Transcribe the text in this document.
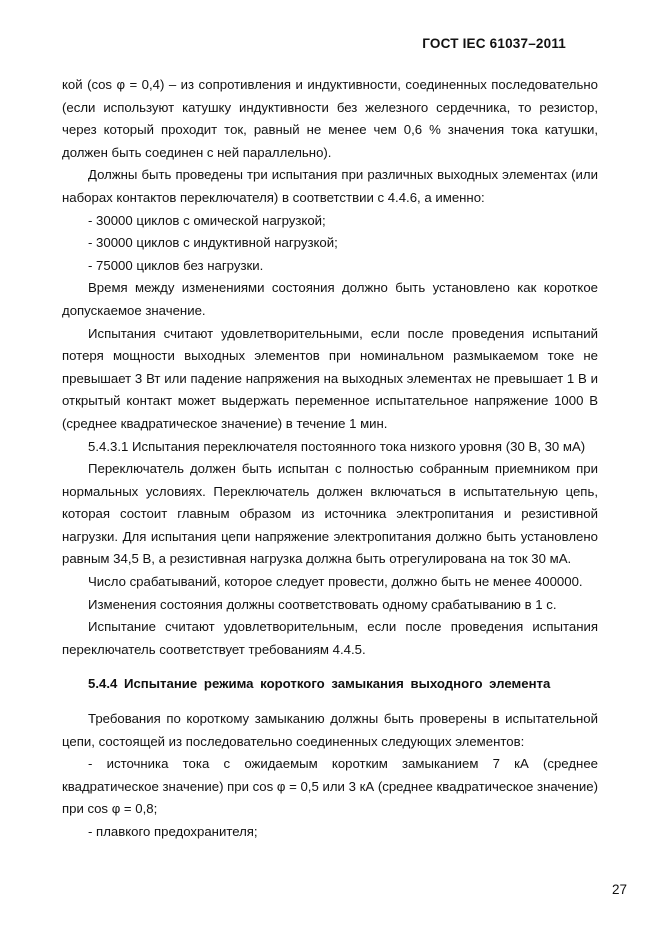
ГОСТ IEC 61037–2011

кой (cos φ = 0,4) – из сопротивления и индуктивности, соединенных последовательно (если используют катушку индуктивности без железного сердечника, то резистор, через который проходит ток, равный не менее чем 0,6 % значения тока катушки, должен быть соединен с ней параллельно).

Должны быть проведены три испытания при различных выходных элементах (или наборах контактов переключателя) в соответствии с 4.4.6, а именно:

- 30000 циклов с омической нагрузкой;

- 30000 циклов с индуктивной нагрузкой;

- 75000 циклов без нагрузки.

Время между изменениями состояния должно быть установлено как короткое допускаемое значение.

Испытания считают удовлетворительными, если после проведения испытаний потеря мощности выходных элементов при номинальном размыкаемом токе не превышает 3 Вт или падение напряжения на выходных элементах не превышает 1 В и открытый контакт может выдержать переменное испытательное напряжение 1000 В (среднее квадратическое значение) в течение 1 мин.

5.4.3.1 Испытания переключателя постоянного тока низкого уровня (30 В, 30 мА)

Переключатель должен быть испытан с полностью собранным приемником при нормальных условиях. Переключатель должен включаться в испытательную цепь, которая состоит главным образом из источника электропитания и резистивной нагрузки. Для испытания цепи напряжение электропитания должно быть установлено равным 34,5 В, а резистивная нагрузка должна быть отрегулирована на ток 30 мА.

Число срабатываний, которое следует провести, должно быть не менее 400000.

Изменения состояния должны соответствовать одному срабатыванию в 1 с.

Испытание считают удовлетворительным, если после проведения испытания переключатель соответствует требованиям 4.4.5.

5.4.4 Испытание режима короткого замыкания выходного элемента

Требования по короткому замыканию должны быть проверены в испытательной цепи, состоящей из последовательно соединенных следующих элементов:

- источника тока с ожидаемым коротким замыканием 7 кА (среднее квадратическое значение) при cos φ = 0,5 или 3 кА (среднее квадратическое значение) при cos φ = 0,8;

- плавкого предохранителя;

27
